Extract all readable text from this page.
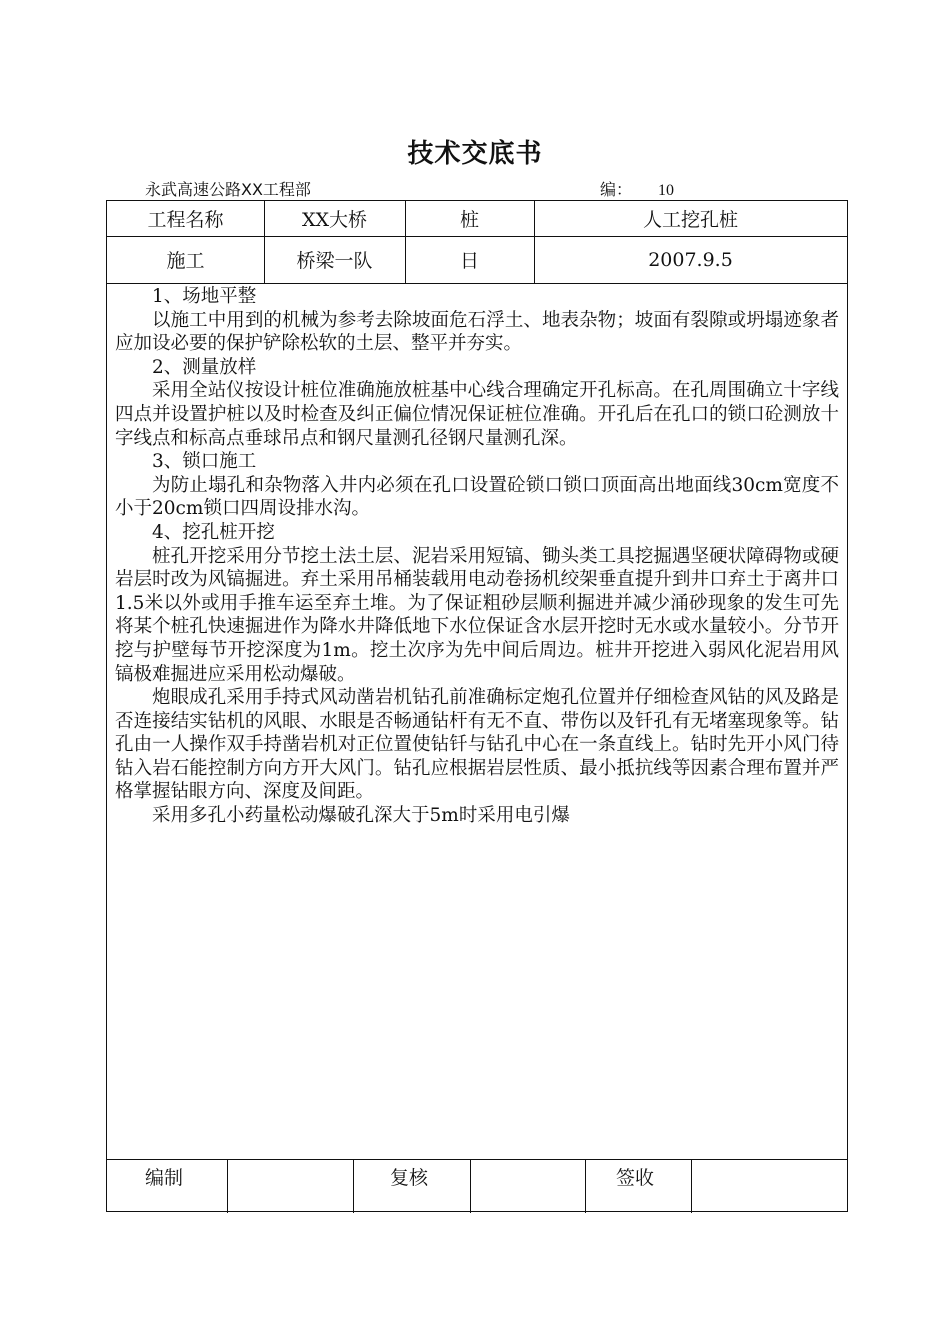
技术交底书
永武高速公路XX工程部	编： 10
工程名称	XX大桥	桩	人工挖孔桩
施工	桥梁一队	日	2007.9.5

1、场地平整

以施工中用到的机械为参考去除坡面危石浮土、地表杂物；坡面有裂隙或坍塌迹象者应加设必要的保护铲除松软的土层、整平并夯实。

2、测量放样

采用全站仪按设计桩位准确施放桩基中心线合理确定开孔标高。在孔周围确立十字线四点并设置护桩以及时检查及纠正偏位情况保证桩位准确。开孔后在孔口的锁口砼测放十字线点和标高点垂球吊点和钢尺量测孔径钢尺量测孔深。

3、锁口施工

为防止塌孔和杂物落入井内必须在孔口设置砼锁口锁口顶面高出地面线30cm宽度不小于20cm锁口四周设排水沟。

4、挖孔桩开挖

桩孔开挖采用分节挖土法土层、泥岩采用短镐、锄头类工具挖掘遇坚硬状障碍物或硬岩层时改为风镐掘进。弃土采用吊桶装载用电动卷扬机绞架垂直提升到井口弃土于离井口1.5米以外或用手推车运至弃土堆。为了保证粗砂层顺利掘进并减少涌砂现象的发生可先将某个桩孔快速掘进作为降水井降低地下水位保证含水层开挖时无水或水量较小。分节开挖与护壁每节开挖深度为1m。挖土次序为先中间后周边。桩井开挖进入弱风化泥岩用风镐极难掘进应采用松动爆破。

炮眼成孔采用手持式风动凿岩机钻孔前准确标定炮孔位置并仔细检查风钻的风及路是否连接结实钻机的风眼、水眼是否畅通钻杆有无不直、带伤以及钎孔有无堵塞现象等。钻孔由一人操作双手持凿岩机对正位置使钻钎与钻孔中心在一条直线上。钻时先开小风门待钻入岩石能控制方向方开大风门。钻孔应根据岩层性质、最小抵抗线等因素合理布置并严格掌握钻眼方向、深度及间距。

采用多孔小药量松动爆破孔深大于5m时采用电引爆

编制	复核	签收
